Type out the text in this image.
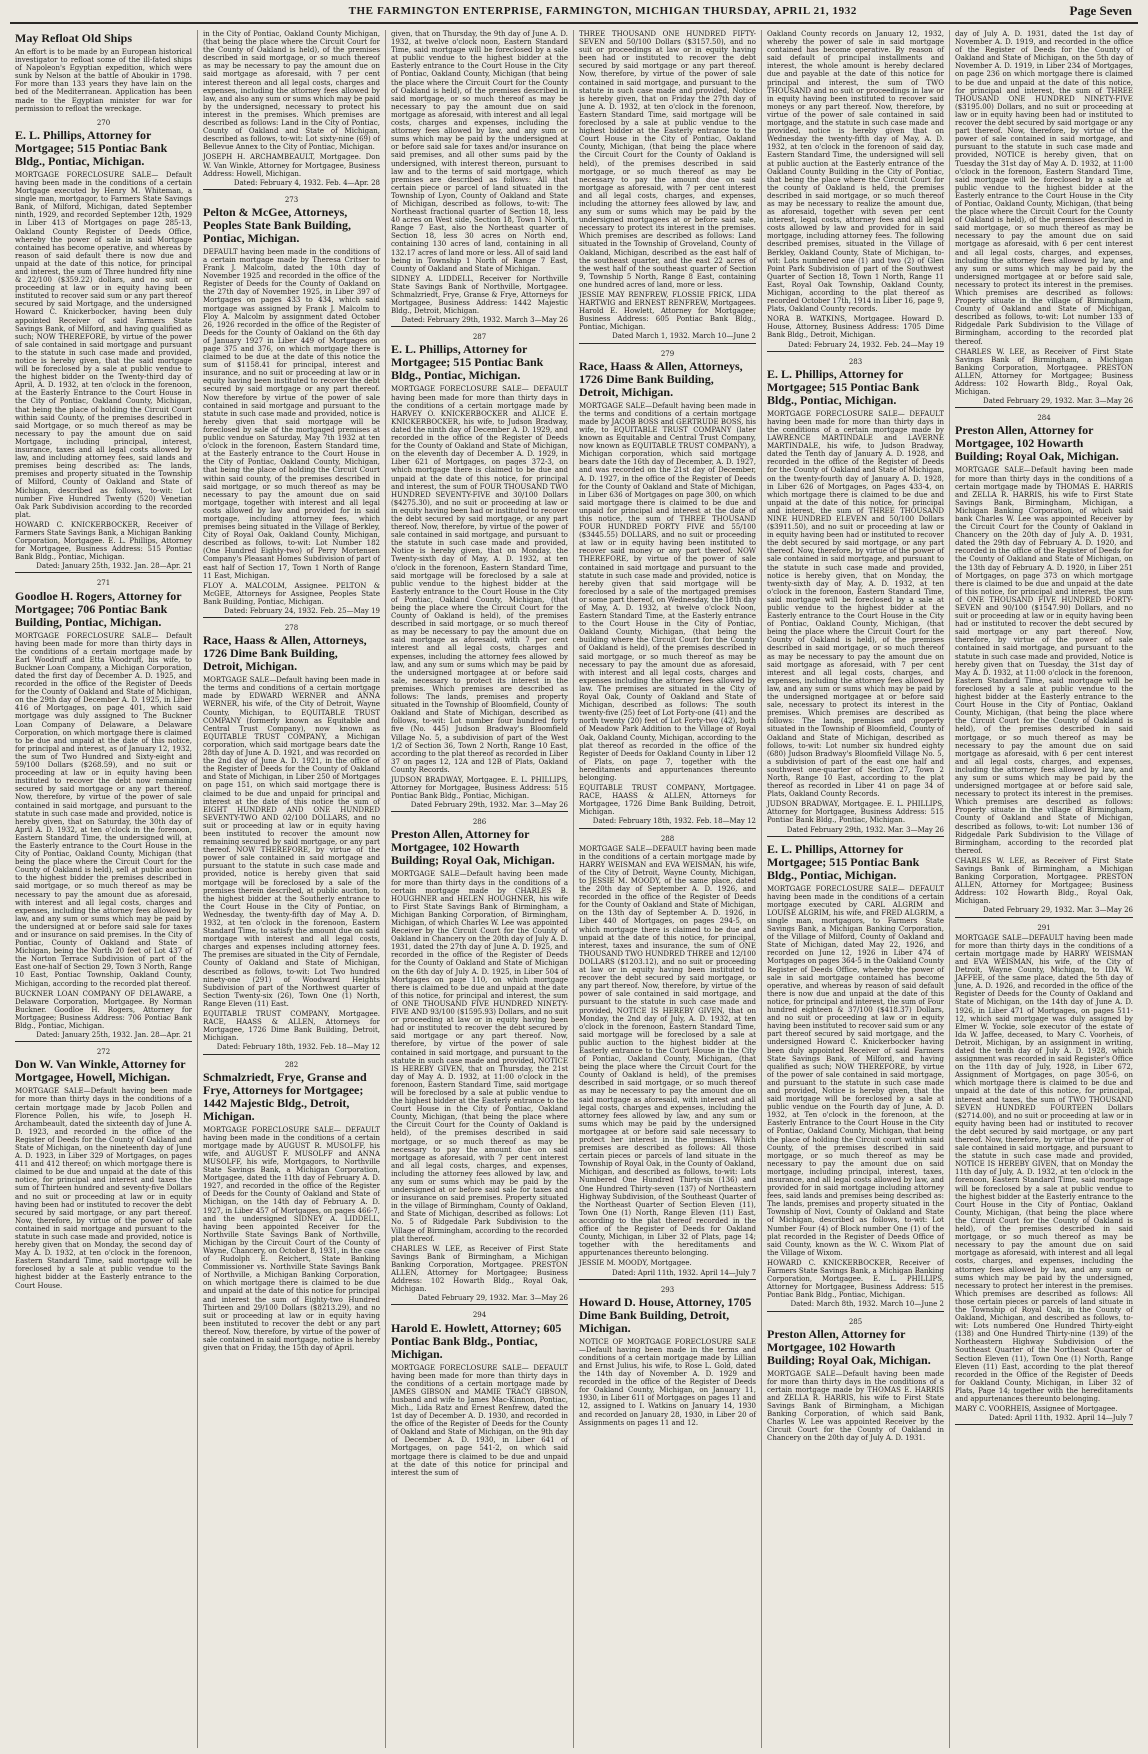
THE FARMINGTON ENTERPRISE, FARMINGTON, MICHIGAN THURSDAY, APRIL 21, 1932	Page Seven
May Refloat Old Ships

An effort is to be made by an European historical investigator to refloat some of the ill-fated ships of Napoleon's Egyptian expedition, which were sunk by Nelson at the battle of Aboukir in 1798. For more than 133 years they have lain on the bed of the Mediterranean. Application has been made to the Egyptian minister for war for permission to refloat the wreckage.

270
E. L. Phillips, Attorney for Mortgagee; 515 Pontiac Bank Bldg., Pontiac, Michigan.

MORTGAGE FORECLOSURE SALE— Default having been made in the conditions of a certain Mortgage executed by Henry M. Whiteman, a single man, mortgagor, to Farmers State Savings Bank, of Milford, Michigan, dated September ninth, 1929, and recorded September 12th, 1929 in Liber 413 of Mortgages on page 285-13, Oakland County Register of Deeds Office, whereby the power of sale in said Mortgage contained has become operative, and whereas by reason of said default there is now due and unpaid at the date of this notice, for principal and interest, the sum of Three hundred fifty nine & 22/100 ($359.22) dollars, and no suit or proceeding at law or in equity having been instituted to recover said sum or any part thereof secured by said Mortgage, and the undersigned Howard C. Knickerbocker, having been duly appointed Receiver of said Farmers State Savings Bank, of Milford, and having qualified as such; NOW THEREFORE, by virtue of the power of sale contained in said mortgage and pursuant to the statute in such case made and provided, notice is hereby given, that the said mortgage will be foreclosed by a sale at public vendue to the highest bidder on the Twenty-third day of April, A. D. 1932, at ten o'clock in the forenoon, at the Easterly Entrance to the Court House in the City of Pontiac, Oakland County, Michigan, that being the place of holding the Circuit Court within said County, of the premises described in said Mortgage, or so much thereof as may be necessary to pay the amount due on said Mortgage, including principal, interest, insurance, taxes and all legal costs allowed by law, and including attorney fees, said lands and premises being described as: The lands, premises and property situated in the Township of Milford, County of Oakland and State of Michigan, described as follows, to-wit: Lot number Five Hundred Twenty (520) Venetian Oak Park Subdivision according to the recorded plat.

HOWARD C. KNICKERBOCKER, Receiver of Farmers State Savings Bank, a Michigan Banking Corporation, Mortgagee. E. L. Phillips, Attorney for Mortgagee, Business Address: 515 Pontiac Bank Bldg., Pontiac, Michigan.

Dated: January 25th, 1932. Jan. 28—Apr. 21
271
Goodloe H. Rogers, Attorney for Mortgagee; 706 Pontiac Bank Building, Pontiac, Michigan.

MORTGAGE FORECLOSURE SALE— Default having been made for more than thirty days in the conditions of a certain mortgage made by Earl Woodruff and Etta Woodruff, his wife, to Buckner Loan Company, a Michigan Corporation, dated the first day of December A. D. 1925, and recorded in the office of the Register of Deeds for the County of Oakland and State of Michigan, on the 29th day of December A. D. 1925, in Liber 416 of Mortgages, on page 401, which said mortgage was duly assigned to The Buckner Loan Company of Delaware, a Delaware Corporation, on which mortgage there is claimed to be due and unpaid at the date of this notice, for principal and interest, as of January 12, 1932, the sum of Two Hundred and Sixty-eight and 59/100 Dollars ($268.59), and no suit or proceeding at law or in equity having been instituted to recover the debt now remaining secured by said mortgage or any part thereof. Now, therefore, by virtue of the power of sale contained in said mortgage, and pursuant to the statute in such case made and provided, notice is hereby given, that on Saturday, the 30th day of April A. D. 1932, at ten o'clock in the forenoon, Eastern Standard Time, the undersigned will, at the Easterly entrance to the Court House in the City of Pontiac, Oakland County, Michigan (that being the place where the Circuit Court for the County of Oakland is held), sell at public auction to the highest bidder the premises described in said mortgage, or so much thereof as may be necessary to pay the amount due as aforesaid, with interest and all legal costs, charges and expenses, including the attorney fees allowed by law, and any sum or sums which may be paid by the undersigned at or before said sale for taxes and or insurance on said premises. In the City of Pontiac, County of Oakland and State of Michigan, being the North 20 feet of Lot 437 of the Norton Terrace Subdivision of part of the East one-half of Section 29, Town 3 North, Range 10 East, Pontiac Township, Oakland County, Michigan, according to the recorded plat thereof.

BUCKNER LOAN COMPANY OF DELAWARE, a Delaware Corporation, Mortgagee. By Norman Buckner. Goodloe H. Rogers, Attorney for Mortgagee; Business Address: 706 Pontiac Bank Bldg., Pontiac, Michigan.

Dated: January 25th, 1932. Jan. 28—Apr. 21
272
Don W. Van Winkle, Attorney for Mortgagee, Howell, Michigan.

MORTGAGE SALE—Default having been made for more than thirty days in the conditions of a certain mortgage made by Jacob Pollen and Florence Pollen, his wife, to Joseph H. Archambeault, dated the sixteenth day of June A. D. 1923, and recorded in the office of the Register of Deeds for the County of Oakland and State of Michigan, on the nineteenth day of June A. D. 1923, in Liber 329 of Mortgages, on pages 411 and 412 thereof; on which mortgage there is claimed to be due and unpaid at the date of this notice, for principal and interest and taxes the sum of Thirteen hundred and seventy-five Dollars and no suit or proceeding at law or in equity having been had or instituted to recover the debt secured by said mortgage, or any part thereof. Now, therefore, by virtue of the power of sale contained in said mortgage and pursuant to the statute in such case made and provided, notice is hereby given that on Monday, the second day of May A. D. 1932, at ten o'clock in the forenoon, Eastern Standard Time, said mortgage will be foreclosed by a sale at public vendue to the highest bidder at the Easterly entrance to the Court House.

in the City of Pontiac, Oakland County Michigan, (that being the place where the Circuit Court for the County of Oakland is held), of the premises described in said mortgage, or so much thereof as may be necessary to pay the amount due on said mortgage as aforesaid, with 7 per cent interest thereon and all legal costs, charges and expenses, including the attorney fees allowed by law, and also any sum or sums which may be paid by the undersigned, necessary to protect his interest in the premises. Which premises are described as follows: Land in the City of Pontiac, County of Oakland and State of Michigan, described as follows, to-wit: Lot sixty-nine (69) of Bellevue Annex to the City of Pontiac, Michigan.

JOSEPH H. ARCHAMBEAULT, Mortgagee. Don W. Van Winkle, Attorney for Mortgagee, Business Address: Howell, Michigan.

Dated: February 4, 1932. Feb. 4—Apr. 28
273
Pelton & McGee, Attorneys, Peoples State Bank Building, Pontiac, Michigan.

DEFAULT having been made in the conditions of a certain mortgage made by Theresa Critser to Frank J. Malcolm, dated the 10th day of November 1925 and recorded in the office of the Register of Deeds for the County of Oakland on the 27th day of November 1925, in Liber 397 of Mortgages on pages 433 to 434, which said mortgage was assigned by Frank J. Malcolm to Floy A. Malcolm by assignment dated October 26, 1926 recorded in the office of the Register of Deeds for the County of Oakland on the 6th day of January 1927 in Liber 449 of Mortgages on page 375 and 376, on which mortgage there is claimed to be due at the date of this notice the sum of $1158.41 for principal, interest and insurance, and no suit or proceeding at law or in equity having been instituted to recover the debt secured by said mortgage or any part thereof. Now therefore by virtue of the power of sale contained in said mortgage and pursuant to the statute in such case made and provided, notice is hereby given that said mortgage will be foreclosed by sale of the mortgaged premises at public vendue on Saturday, May 7th 1932 at ten o'clock in the forenoon, Eastern Standard time, at the Easterly entrance to the Court House in the City of Pontiac, Oakland County, Michigan, that being the place of holding the Circuit Court within said county, of the premises described in said mortgage, or so much thereof as may be necessary to pay the amount due on said mortgage, together with interest and all legal costs allowed by law and provided for in said mortgage, including attorney fees, which premises being situated in the Village of Berkley, City of Royal Oak, Oakland County, Michigan, described as follows, to-wit: Lot Number 182 (One Hundred Eighty-two) of Perry Mortensen Company's Pleasant Homes Subdivision of part of east half of Section 17, Town 1 North of Range 11 East, Michigan.

FLOY A. MALCOLM, Assignee. PELTON & McGEE, Attorneys for Assignee, Peoples State Bank Building, Pontiac, Michigan.

Dated: February 24, 1932. Feb. 25—May 19
278
Race, Haass & Allen, Attorneys, 1726 Dime Bank Building, Detroit, Michigan.

MORTGAGE SALE—Default having been made in the terms and conditions of a certain mortgage made by EDWARD WERNER and ANNA WERNER, his wife, of the City of Detroit, Wayne County, Michigan, to EQUITABLE TRUST COMPANY (formerly known as Equitable and Central Trust Company), now known as EQUITABLE TRUST COMPANY, a Michigan corporation, which said mortgage bears date the 28th day of June A. D. 1921, and was recorded on the 2nd day of June A. D. 1921, in the office of the Register of Deeds for the County of Oakland and State of Michigan, in Liber 250 of Mortgages on page 151, on which said mortgage there is claimed to be due and unpaid for principal and interest at the date of this notice the sum of EIGHT HUNDRED AND ONE HUNDRED SEVENTY-TWO AND 02/100 DOLLARS, and no suit or proceeding at law or in equity having been instituted to recover the amount now remaining secured by said mortgage, or any part thereof. NOW THEREFORE, by virtue of the power of sale contained in said mortgage and pursuant to the statute in such case made and provided, notice is hereby given that said mortgage will be foreclosed by a sale of the premises therein described, at public auction, to the highest bidder at the Southerly entrance to the Court House in the City of Pontiac, on Wednesday, the twenty-fifth day of May A. D. 1932, at ten o'clock in the forenoon, Eastern Standard Time, to satisfy the amount due on said mortgage with interest and all legal costs, charges and expenses including attorney fees. The premises are situated in the City of Ferndale, County of Oakland and State of Michigan, described as follows, to-wit: Lot Two hundred ninety-one (291) of Woodward Heights Subdivision of part of the Northwest quarter of Section Twenty-six (26), Town One (1) North, Range Eleven (11) East.

EQUITABLE TRUST COMPANY, Mortgagee. RACE, HAASS & ALLEN, Attorneys for Mortgagee, 1726 Dime Bank Building, Detroit, Michigan.

Dated: February 18th, 1932. Feb. 18—May 12
282
Schmalzriedt, Frye, Granse and Frye, Attorneys for Mortgagee; 1442 Majestic Bldg., Detroit, Michigan.

MORTGAGE FORECLOSURE SALE— DEFAULT having been made in the conditions of a certain mortgage made by AUGUST R. MUSOLFF, his wife, and AUGUST F. MUSOLFF and ANNA MUSOLFF, his wife, Mortgagors, to Northville State Savings Bank, a Michigan Corporation, Mortgagee, dated the 11th day of February A. D. 1927, and recorded in the office of the Register of Deeds for the County of Oakland and State of Michigan, on the 14th day of February A. D. 1927, in Liber 457 of Mortgages, on pages 466-7, and the undersigned SIDNEY A. LIDDELL, having been appointed Receiver for the Northville State Savings Bank of Northville, Michigan by the Circuit Court of the County of Wayne, Chancery, on October 8, 1931, in the case of Rudolph E. Reichert, State Banking Commissioner vs. Northville State Savings Bank of Northville, a Michigan Banking Corporation, on which mortgage there is claimed to be due and unpaid at the date of this notice for principal and interest the sum of Eighty-two Hundred Thirteen and 29/100 Dollars ($8213.29), and no suit or proceeding at law or in equity having been instituted to recover the debt or any part thereof. Now, therefore, by virtue of the power of sale contained in said mortgage, notice is hereby given that on Friday, the 15th day of April.

given, that on Thursday, the 9th day of June A. D. 1932, at twelve o'clock noon, Eastern Standard Time, said mortgage will be foreclosed by a sale at public vendue to the highest bidder at the Easterly entrance to the Court House in the City of Pontiac, Oakland County, Michigan (that being the place where the Circuit Court for the County of Oakland is held), of the premises described in said mortgage, or so much thereof as may be necessary to pay the amount due on said mortgage as aforesaid, with interest and all legal costs, charges and expenses, including the attorney fees allowed by law, and any sum or sums which may be paid by the undersigned at or before said sale for taxes and/or insurance on said premises, and all other sums paid by the undersigned, with interest thereon, pursuant to law and to the terms of said mortgage, which premises are described as follows: All that certain piece or parcel of land situated in the Township of Lyon, County of Oakland and State of Michigan, described as follows, to-wit: The Northeast fractional quarter of Section 18, less 40 acres on West side, Section 18, Town 1 North, Range 7 East, also the Northeast quarter of Section 18, less 30 acres on North end, containing 130 acres of land, containing in all 132.17 acres of land more or less. All of said land being in Township 1 North of Range 7 East, County of Oakland and State of Michigan.

SIDNEY A. LIDDELL, Receiver for Northville State Savings Bank of Northville, Mortgagee. Schmalzriedt, Frye, Granse & Frye, Attorneys for Mortgagee, Business Address: 1442 Majestic Bldg., Detroit, Michigan.

Dated: February 29th, 1932. March 3—May 26
287
E. L. Phillips, Attorney for Mortgagee; 515 Pontiac Bank Bldg., Pontiac, Michigan.

MORTGAGE FORECLOSURE SALE— DEFAULT having been made for more than thirty days in the conditions of a certain mortgage made by HARVEY O. KNICKERBOCKER and ALICE E. KNICKERBOCKER, his wife, to Judson Bradway, dated the ninth day of December A. D. 1929, and recorded in the office of the Register of Deeds for the County of Oakland and State of Michigan, on the eleventh day of December A. D. 1929, in Liber 621 of Mortgages, on pages 372-3, on which mortgage there is claimed to be due and unpaid at the date of this notice, for principal and interest, the sum of FOUR THOUSAND TWO HUNDRED SEVENTY-FIVE and 30/100 Dollars ($4275.30), and no suit or proceeding at law or in equity having been had or instituted to recover the debt secured by said mortgage, or any part thereof. Now, therefore, by virtue of the power of sale contained in said mortgage, and pursuant to the statute in such case made and provided, Notice is hereby given, that on Monday, the Twenty-sixth day of May, A. D. 1932, at ten o'clock in the forenoon, Eastern Standard Time, said mortgage will be foreclosed by a sale at public vendue to the highest bidder at the Easterly entrance to the Court House in the City of Pontiac, Oakland County, Michigan, (that being the place where the Circuit Court for the County of Oakland is held), of the premises described in said mortgage, or so much thereof as may be necessary to pay the amount due on said mortgage as aforesaid, with 7 per cent interest and all legal costs, charges and expenses, including the attorney fees allowed by law, and any sum or sums which may be paid by the undersigned mortgagee at or before said sale, necessary to protect its interest in the premises. Which premises are described as follows: The lands, premises and property situated in the Township of Bloomfield, County of Oakland and State of Michigan, described as follows, to-wit: Lot number four hundred forty five (No. 445) Judson Bradway's Bloomfield Village No. 5, a subdivision of part of the West 1/2 of Section 36, Town 2 North, Range 10 East, according to the plat thereof as recorded in Liber 37 on pages 12, 12A and 12B of Plats, Oakland County Records.

JUDSON BRADWAY, Mortgagee. E. L. PHILLIPS, Attorney for Mortgagee, Business Address: 515 Pontiac Bank Bldg., Pontiac, Michigan.

Dated February 29th, 1932. Mar. 3—May 26
286
Preston Allen, Attorney for Mortgagee, 102 Howarth Building; Royal Oak, Michigan.

MORTGAGE SALE—Default having been made for more than thirty days in the conditions of a certain mortgage made by CHARLES B. HOUGHNER and HELEN HOUGHNER, his wife to First State Savings Bank of Birmingham, a Michigan Banking Corporation, of Birmingham, Michigan, of which Charles W. Lee was appointed Receiver by the Circuit Court for the County of Oakland in Chancery on the 20th day of July A. D. 1931, dated the 27th day of June A. D. 1925, and recorded in the office of the Register of Deeds for the County of Oakland and State of Michigan on the 6th day of July A. D. 1925, in Liber 504 of Mortgages on page 110, on which mortgage there is claimed to be due and unpaid at the date of this notice, for principal and interest, the sum of ONE THOUSAND FIVE HUNDRED NINETY-FIVE AND 93/100 ($1595.93) Dollars, and no suit or proceeding at law or in equity having been had or instituted to recover the debt secured by said mortgage or any part thereof. Now, therefore, by virtue of the power of sale contained in said mortgage, and pursuant to the statute in such case made and provided, NOTICE IS HEREBY GIVEN, that on Thursday, the 21st day of May A. D. 1932, at 11:00 o'clock in the forenoon, Eastern Standard Time, said mortgage will be foreclosed by a sale at public vendue to the highest bidder at the Easterly entrance to the Court House in the City of Pontiac, Oakland County, Michigan, (that being the place where the Circuit Court for the County of Oakland is held), of the premises described in said mortgage, or so much thereof as may be necessary to pay the amount due on said mortgage as aforesaid, with 7 per cent interest and all legal costs, charges, and expenses, including the attorney fees allowed by law, and any sum or sums which may be paid by the undersigned at or before said sale for taxes and or insurance on said premises. Property situated in the village of Birmingham, County of Oakland, and State of Michigan, described as follows: Lot No. 5 of Ridgedale Park Subdivision to the Village of Birmingham, according to the recorded plat thereof.

CHARLES W. LEE, as Receiver of First State Savings Bank of Birmingham, a Michigan Banking Corporation, Mortgagee. PRESTON ALLEN, Attorney for Mortgagee; Business Address: 102 Howarth Bldg., Royal Oak, Michigan.

Dated February 29, 1932. Mar. 3—May 26
294
Harold E. Howlett, Attorney; 605 Pontiac Bank Bldg., Pontiac, Michigan.

MORTGAGE FORECLOSURE SALE— DEFAULT having been made for more than thirty days in the conditions of a certain mortgage made by JAMES GIBSON and MAMIE TRACY GIBSON, husband and wife to James Mac-Kinnon, Pontiac, Mich., Lida Ratz and Ernest Renfrew, dated the 1st day of December A. D. 1930, and recorded in the office of the Register of Deeds for the County of Oakland and State of Michigan, on the 9th day of December A. D. 1930, in Liber 641 of Mortgages, on page 541-2, on which said mortgage there is claimed to be due and unpaid at the date of this notice for principal and interest the sum of

THREE THOUSAND ONE HUNDRED FIFTY-SEVEN and 50/100 Dollars ($3157.50), and no suit or proceedings at law or in equity having been had or instituted to recover the debt secured by said mortgage or any part thereof. Now, therefore, by virtue of the power of sale contained in said mortgage, and pursuant to the statute in such case made and provided, Notice is hereby given, that on Friday the 27th day of June A. D. 1932, at ten o'clock in the forenoon, Eastern Standard Time, said mortgage will be foreclosed by a sale at public vendue to the highest bidder at the Easterly entrance to the Court House in the City of Pontiac, Oakland County, Michigan, (that being the place where the Circuit Court for the County of Oakland is held), of the premises described in said mortgage, or so much thereof as may be necessary to pay the amount due on said mortgage as aforesaid, with 7 per cent interest and all legal costs, charges, and expenses, including the attorney fees allowed by law, and any sum or sums which may be paid by the undersigned mortgagees at or before said sale, necessary to protect its interest in the premises. Which premises are described as follows: Land situated in the Township of Groveland, County of Oakland, Michigan, described as the east half of the southeast quarter, and the east 22 acres of the west half of the southeast quarter of Section 9, Township 5 North, Range 8 East, containing one hundred acres of land, more or less.

JESSIE MAY RENFREW, FLOSSIE FRICK, LIDA HARTWIG and ERNEST RENFREW, Mortgagees. Harold E. Howlett, Attorney for Mortgagee; Business Address: 605 Pontiac Bank Bldg., Pontiac, Michigan.

Dated March 1, 1932. March 10—June 2
279
Race, Haass & Allen, Attorneys, 1726 Dime Bank Building, Detroit, Michigan.

MORTGAGE SALE—Default having been made in the terms and conditions of a certain mortgage made by JACOB BOSS and GERTRUDE BOSS, his wife, to EQUITABLE TRUST COMPANY (later known as Equitable and Central Trust Company, now known as EQUITABLE TRUST COMPANY), a Michigan corporation, which said mortgage bears date the 16th day of December, A. D. 1927, and was recorded on the 21st day of December, A. D. 1927, in the office of the Register of Deeds for the County of Oakland and State of Michigan, in Liber 636 of Mortgages on page 300, on which said mortgage there is claimed to be due and unpaid for principal and interest at the date of this notice, the sum of THREE THOUSAND FOUR HUNDRED FORTY FIVE and 55/100 ($3445.55) DOLLARS, and no suit or proceeding at law or in equity having been instituted to recover said money or any part thereof. NOW THEREFORE, by virtue of the power of sale contained in said mortgage and pursuant to the statute in such case made and provided, notice is hereby given that said mortgage will be foreclosed by a sale of the mortgaged premises or some part thereof, on Wednesday, the 18th day of May, A. D. 1932, at twelve o'clock Noon, Eastern Standard Time, at the Easterly entrance to the Court House in the City of Pontiac, Oakland County, Michigan, (that being the building where the Circuit Court for the County of Oakland is held), of the premises described in said mortgage, or so much thereof as may be necessary to pay the amount due as aforesaid, with interest and all legal costs, charges and expenses including the attorney fees allowed by law. The premises are situated in the City of Royal Oak, County of Oakland and State of Michigan, described as follows: The south twenty-five (25) feet of Lot Forty-one (41) and the north twenty (20) feet of Lot Forty-two (42), both of Meadow Park Addition to the Village of Royal Oak, Oakland County, Michigan, according to the plat thereof as recorded in the office of the Register of Deeds for Oakland County in Liber 12 of Plats, on page 7, together with the hereditaments and appurtenances thereunto belonging.

EQUITABLE TRUST COMPANY, Mortgagee. RACE, HAASS & ALLEN, Attorneys for Mortgagee, 1726 Dime Bank Building, Detroit, Michigan.

Dated: February 18th, 1932. Feb. 18—May 12
288

MORTGAGE SALE—DEFAULT having been made in the conditions of a certain mortgage made by HARRY WEISMAN and EVA WEISMAN, his wife, of the City of Detroit, Wayne County, Michigan, to JESSIE M. MOODY, of the same place, dated the 20th day of September A. D. 1926, and recorded in the office of the Register of Deeds for the County of Oakland and State of Michigan, on the 13th day of September A. D. 1926, in Liber 440 of Mortgages, on pages 294-5, on which mortgage there is claimed to be due and unpaid at the date of this notice, for principal, interest, taxes and insurance, the sum of ONE THOUSAND TWO HUNDRED THREE and 12/100 DOLLARS ($1203.12), and no suit or proceeding at law or in equity having been instituted to recover the debt secured by said mortgage, or any part thereof. Now, therefore, by virtue of the power of sale contained in said mortgage, and pursuant to the statute in such case made and provided, NOTICE IS HEREBY GIVEN, that on Monday, the 2nd day of July, A. D. 1932, at ten o'clock in the forenoon, Eastern Standard Time, said mortgage will be foreclosed by a sale at public auction to the highest bidder at the Easterly entrance to the Court House in the City of Pontiac, Oakland County, Michigan, (that being the place where the Circuit Court for the County of Oakland is held), of the premises described in said mortgage, or so much thereof as may be necessary to pay the amount due on said mortgage as aforesaid, with interest and all legal costs, charges and expenses, including the attorney fees allowed by law, and any sum or sums which may be paid by the undersigned mortgagee at or before said sale necessary to protect her interest in the premises. Which premises are described as follows: All those certain pieces or parcels of land situate in the Township of Royal Oak, in the County of Oakland, Michigan, and described as follows, to-wit: Lots Numbered One Hundred Thirty-six (136) and One Hundred Thirty-seven (137) of Northeastern Highway Subdivision, of the Southeast Quarter of the Northeast Quarter of Section Eleven (11), Town One (1) North, Range Eleven (11) East, according to the plat thereof recorded in the office of the Register of Deeds for Oakland County, Michigan, in Liber 32 of Plats, page 14; together with the hereditaments and appurtenances thereunto belonging.

JESSIE M. MOODY, Mortgagee.

Dated: April 11th, 1932. April 14—July 7
293
Howard D. House, Attorney, 1705 Dime Bank Building, Detroit, Michigan.

NOTICE OF MORTGAGE FORECLOSURE SALE—Default having been made in the terms and conditions of a certain mortgage made by Lillian and Ernst Julius, his wife, to Rose L. Gold, dated the 14th day of November A. D. 1929 and recorded in the office of the Register of Deeds for Oakland County, Michigan, on January 11, 1930, in Liber 611 of Mortgages on pages 11 and 12, assigned to I. Watkins on January 14, 1930 and recorded on January 28, 1930, in Liber 20 of Assignments on pages 11 and 12.

Oakland County records on January 12, 1932, whereby the power of sale in said mortgage contained has become operative. By reason of said default of principal installments and interest, the whole amount is hereby declared due and payable at the date of this notice for principal and interest, the sum of TWO THOUSAND and no suit or proceedings in law or in equity having been instituted to recover said moneys or any part thereof. Now, therefore, by virtue of the power of sale contained in said mortgage, and the statute in such case made and provided, notice is hereby given that on Wednesday the twenty-fifth day of May, A. D. 1932, at ten o'clock in the forenoon of said day, Eastern Standard Time, the undersigned will sell at public auction at the Easterly entrance of the Oakland County Building in the City of Pontiac, that being the place where the Circuit Court for the county of Oakland is held, the premises described in said mortgage, or so much thereof as may be necessary to realize the amount due, as aforesaid, together with seven per cent interest, legal costs, attorney fees and all legal costs allowed by law and provided for in said mortgage, including attorney fees. The following described premises, situated in the Village of Berkley, Oakland County, State of Michigan, to-wit: Lots numbered one (1) and two (2) of Glen Point Park Subdivision of part of the Southwest Quarter of Section 18, Town 1 North, Range 11 East, Royal Oak Township, Oakland County, Michigan, according to the plat thereof as recorded October 17th, 1914 in Liber 16, page 9, Plats, Oakland County records.

NORA B. WATKINS, Mortgagee. Howard D. House, Attorney, Business Address: 1705 Dime Bank Bldg., Detroit, Michigan.

Dated: February 24, 1932. Feb. 24—May 19
283
E. L. Phillips, Attorney for Mortgagee; 515 Pontiac Bank Bldg., Pontiac, Michigan.

MORTGAGE FORECLOSURE SALE— DEFAULT having been made for more than thirty days in the conditions of a certain mortgage made by LAWRENCE MARTINDALE and LAVERNE MARTINDALE, his wife, to Judson Bradway, dated the Tenth day of January A. D. 1928, and recorded in the office of the Register of Deeds for the County of Oakland and State of Michigan, on the twenty-fourth day of January A. D. 1928, in Liber 626 of Mortgages, on Pages 433-4, on which mortgage there is claimed to be due and unpaid at the date of this notice, for principal and interest, the sum of THREE THOUSAND NINE HUNDRED ELEVEN and 50/100 Dollars ($3911.50), and no suit or proceeding at law or in equity having been had or instituted to recover the debt secured by said mortgage, or any part thereof. Now, therefore, by virtue of the power of sale contained in said mortgage, and pursuant to the statute in such case made and provided, notice is hereby given, that on Monday, the twenty-sixth day of May, A. D. 1932, at ten o'clock in the forenoon, Eastern Standard Time, said mortgage will be foreclosed by a sale at public vendue to the highest bidder at the Easterly entrance to the Court House in the City of Pontiac, Oakland County, Michigan, (that being the place where the Circuit Court for the County of Oakland is held), of the premises described in said mortgage, or so much thereof as may be necessary to pay the amount due on said mortgage as aforesaid, with 7 per cent interest and all legal costs, charges, and expenses, including the attorney fees allowed by law, and any sum or sums which may be paid by the undersigned mortgagee at or before said sale, necessary to protect its interest in the premises. Which premises are described as follows: The lands, premises and property situated in the Township of Bloomfield, County of Oakland and State of Michigan, described as follows, to-wit: Lot number six hundred eighty (680) Judson Bradway's Bloomfield Village No. 5, a subdivision of part of the east one half and southwest one-quarter of Section 27, Town 2 North, Range 10 East, according to the plat thereof as recorded in Liber 41 on page 34 of Plats, Oakland County Records.

JUDSON BRADWAY, Mortgagee. E. L. PHILLIPS, Attorney for Mortgagee, Business Address: 515 Pontiac Bank Bldg., Pontiac, Michigan.

Dated February 29th, 1932. Mar. 3—May 26
E. L. Phillips, Attorney for Mortgagee; 515 Pontiac Bank Bldg., Pontiac, Michigan.

MORTGAGE FORECLOSURE SALE— DEFAULT having been made in the conditions of a certain mortgage executed by CARL ALGRIM and LOUISE ALGRIM, his wife, and FRED ALGRIM, a single man, mortgagors, to Farmers State Savings Bank, a Michigan Banking Corporation, of the Village of Milford, County of Oakland and State of Michigan, dated May 22, 1926, and recorded on June 12, 1926 in Liber 474 of Mortgages on pages 364-5 in the Oakland County Register of Deeds Office, whereby the power of sale in said mortgage contained has become operative, and whereas by reason of said default there is now due and unpaid at the date of this notice, for principal and interest, the sum of Four hundred eighteen & 37/100 ($418.37) Dollars, and no suit or proceeding at law or in equity having been instituted to recover said sum or any part thereof secured by said mortgage, and the undersigned Howard C. Knickerbocker having been duly appointed Receiver of said Farmers State Savings Bank, of Milford, and having qualified as such; NOW THEREFORE, by virtue of the power of sale contained in said mortgage, and pursuant to the statute in such case made and provided, Notice is hereby given, that the said mortgage will be foreclosed by a sale at public vendue on the Fourth day of June, A. D. 1932, at Ten o'clock in the forenoon, at the Easterly Entrance to the Court House in the City of Pontiac, Oakland County, Michigan, that being the place of holding the Circuit court within said County, of the premises described in said mortgage, or so much thereof as may be necessary to pay the amount due on said mortgage, including principal, interest, taxes, insurance, and all legal costs allowed by law, and provided for in said mortgage including attorney fees, said lands and premises being described as: The lands, premises and property situated in the Township of Novi, County of Oakland and State of Michigan, described as follows, to-wit: Lot Number Four (4) of Block number One (1) of the plat recorded in the Register of Deeds Office of said County, known as the W. C. Wixom Plat of the Village of Wixom.

HOWARD C. KNICKERBOCKER, Receiver of Farmers State Savings Bank, a Michigan Banking Corporation, Mortgagee. E. L. PHILLIPS, Attorney for Mortgagee, Business Address: 515 Pontiac Bank Bldg., Pontiac, Michigan.

Dated: March 8th, 1932. March 10—June 2
285
Preston Allen, Attorney for Mortgagee, 102 Howarth Building; Royal Oak, Michigan.

MORTGAGE SALE—Default having been made for more than thirty days in the conditions of a certain mortgage made by THOMAS E. HARRIS and ZELLA R. HARRIS, his wife to First State Savings Bank of Birmingham, a Michigan Banking Corporation, of which said Bank, Charles W. Lee was appointed Receiver by the Circuit Court for the County of Oakland in Chancery on the 20th day of July A. D. 1931.

day of July A. D. 1931, dated the 1st day of November A. D. 1919, and recorded in the office of the Register of Deeds for the County of Oakland and State of Michigan, on the 5th day of November A. D. 1919, in Liber 234 of Mortgages, on page 236 on which mortgage there is claimed to be due and unpaid at the date of this notice, for principal and interest, the sum of THREE THOUSAND ONE HUNDRED NINETY-FIVE ($3195.00) Dollars, and no suit or proceeding at law or in equity having been had or instituted to recover the debt secured by said mortgage or any part thereof. Now, therefore, by virtue of the power of sale contained in said mortgage, and pursuant to the statute in such case made and provided, NOTICE is hereby given, that on Tuesday the 31st day of May A. D. 1932, at 11:00 o'clock in the forenoon, Eastern Standard Time, said mortgage will be foreclosed by a sale at public vendue to the highest bidder at the Easterly entrance to the Court House in the City of Pontiac, Oakland County, Michigan, (that being the place where the Circuit Court for the County of Oakland is held), of the premises described in said mortgage, or so much thereof as may be necessary to pay the amount due on said mortgage as aforesaid, with 6 per cent interest and all legal costs, charges, and expenses, including the attorney fees allowed by law, and any sum or sums which may be paid by the undersigned mortgagee at or before said sale, necessary to protect its interest in the premises. Which premises are described as follows: Property situate in the village of Birmingham, County of Oakland and State of Michigan, described as follows, to-wit: Lot number 133 of Ridgedale Park Subdivision to the Village of Birmingham, according to the recorded plat thereof.

CHARLES W. LEE, as Receiver of First State Savings Bank of Birmingham, a Michigan Banking Corporation, Mortgagee. PRESTON ALLEN, Attorney for Mortgagee; Business Address: 102 Howarth Bldg., Royal Oak, Michigan.

Dated February 29, 1932. Mar. 3—May 26
284
Preston Allen, Attorney for Mortgagee, 102 Howarth Building; Royal Oak, Michigan.

MORTGAGE SALE—Default having been made for more than thirty days in the conditions of a certain mortgage made by THOMAS E. HARRIS and ZELLA R. HARRIS, his wife to First State Savings Bank, Birmingham, Michigan, a Michigan Banking Corporation, of which said bank Charles W. Lee was appointed Receiver by the Circuit Court for the County of Oakland in Chancery on the 20th day of July A. D. 1931, dated the 29th day of February A. D. 1920, and recorded in the office of the Register of Deeds for the County of Oakland and State of Michigan, on the 13th day of February A. D. 1920, in Liber 251 of Mortgages, on page 373 on which mortgage there is claimed to be due and unpaid at the date of this notice, for principal and interest, the sum of ONE THOUSAND FIVE HUNDRED FORTY-SEVEN and 90/100 ($1547.90) Dollars, and no suit or proceeding at law or in equity having been had or instituted to recover the debt secured by said mortgage or any part thereof. Now, therefore, by virtue of the power of sale contained in said mortgage, and pursuant to the statute in such case made and provided, Notice is hereby given that on Tuesday, the 31st day of May A. D. 1932, at 11:00 o'clock in the forenoon, Eastern Standard Time, said mortgage will be foreclosed by a sale at public vendue to the highest bidder at the Easterly entrance to the Court House in the City of Pontiac, Oakland County, Michigan, (that being the place where the Circuit Court for the County of Oakland is held), of the premises described in said mortgage, or so much thereof as may be necessary to pay the amount due on said mortgage as aforesaid, with 6 per cent interest and all legal costs, charges, and expenses, including the attorney fees allowed by law, and any sum or sums which may be paid by the undersigned mortgagee at or before said sale, necessary to protect its interest in the premises. Which premises are described as follows: Property situate in the village of Birmingham, County of Oakland and State of Michigan, described as follows, to-wit: Lot number 136 of Ridgedale Park Subdivision to the Village of Birmingham, according to the recorded plat thereof.

CHARLES W. LEE, as Receiver of First State Savings Bank of Birmingham, a Michigan Banking Corporation, Mortgagee. PRESTON ALLEN, Attorney for Mortgagee; Business Address: 102 Howarth Bldg., Royal Oak, Michigan.

Dated February 29, 1932. Mar. 3—May 26
291

MORTGAGE SALE—DEFAULT having been made for more than thirty days in the conditions of a certain mortgage made by HARRY WEISMAN and EVA WEISMAN, his wife, of the City of Detroit, Wayne County, Michigan, to IDA W. JAFFEE, of the same place, dated the 5th day of June, A. D. 1926, and recorded in the office of the Register of Deeds for the County of Oakland and State of Michigan, on the 14th day of June A. D. 1926, in Liber 471 of Mortgages, on pages 511-12, which said mortgage was duly assigned by Elmer W. Yockie, sole executor of the estate of Ida W. Jaffee, deceased, to Mary C. Voorheis, of Detroit, Michigan, by an assignment in writing, dated the tenth day of July A. D. 1928, which assignment was recorded in said Register's Office on the 11th day of July, 1928, in Liber 672, Assignment of Mortgages, on page 305-6, on which mortgage there is claimed to be due and unpaid at the date of this notice, for principal, interest and taxes, the sum of TWO THOUSAND SEVEN HUNDRED FOURTEEN Dollars ($2714.00), and no suit or proceeding at law or in equity having been had or instituted to recover the debt secured by said mortgage, or any part thereof. Now, therefore, by virtue of the power of sale contained in said mortgage, and pursuant to the statute in such case made and provided, NOTICE IS HEREBY GIVEN, that on Monday the 11th day of July, A. D. 1932, at ten o'clock in the forenoon, Eastern Standard Time, said mortgage will be foreclosed by a sale at public vendue to the highest bidder at the Easterly entrance to the Court House in the City of Pontiac, Oakland County, Michigan, (that being the place where the Circuit Court for the County of Oakland is held), of the premises described in said mortgage, or so much thereof as may be necessary to pay the amount due on said mortgage as aforesaid, with interest and all legal costs, charges, and expenses, including the attorney fees allowed by law, and any sum or sums which may be paid by the undersigned, necessary to protect her interest in the premises. Which premises are described as follows: All those certain pieces or parcels of land situate in the Township of Royal Oak, in the County of Oakland, Michigan, and described as follows, to-wit: Lots numbered One Hundred Thirty-eight (138) and One Hundred Thirty-nine (139) of the Northeastern Highway Subdivision of the Southeast Quarter of the Northeast Quarter of Section Eleven (11), Town One (1) North, Range Eleven (11) East, according to the plat thereof recorded in the Office of the Register of Deeds for Oakland County, Michigan, in Liber 32 of Plats, Page 14; together with the hereditaments and appurtenances thereunto belonging.

MARY C. VOORHEIS, Assignee of Mortgagee.

Dated: April 11th, 1932. April 14—July 7
